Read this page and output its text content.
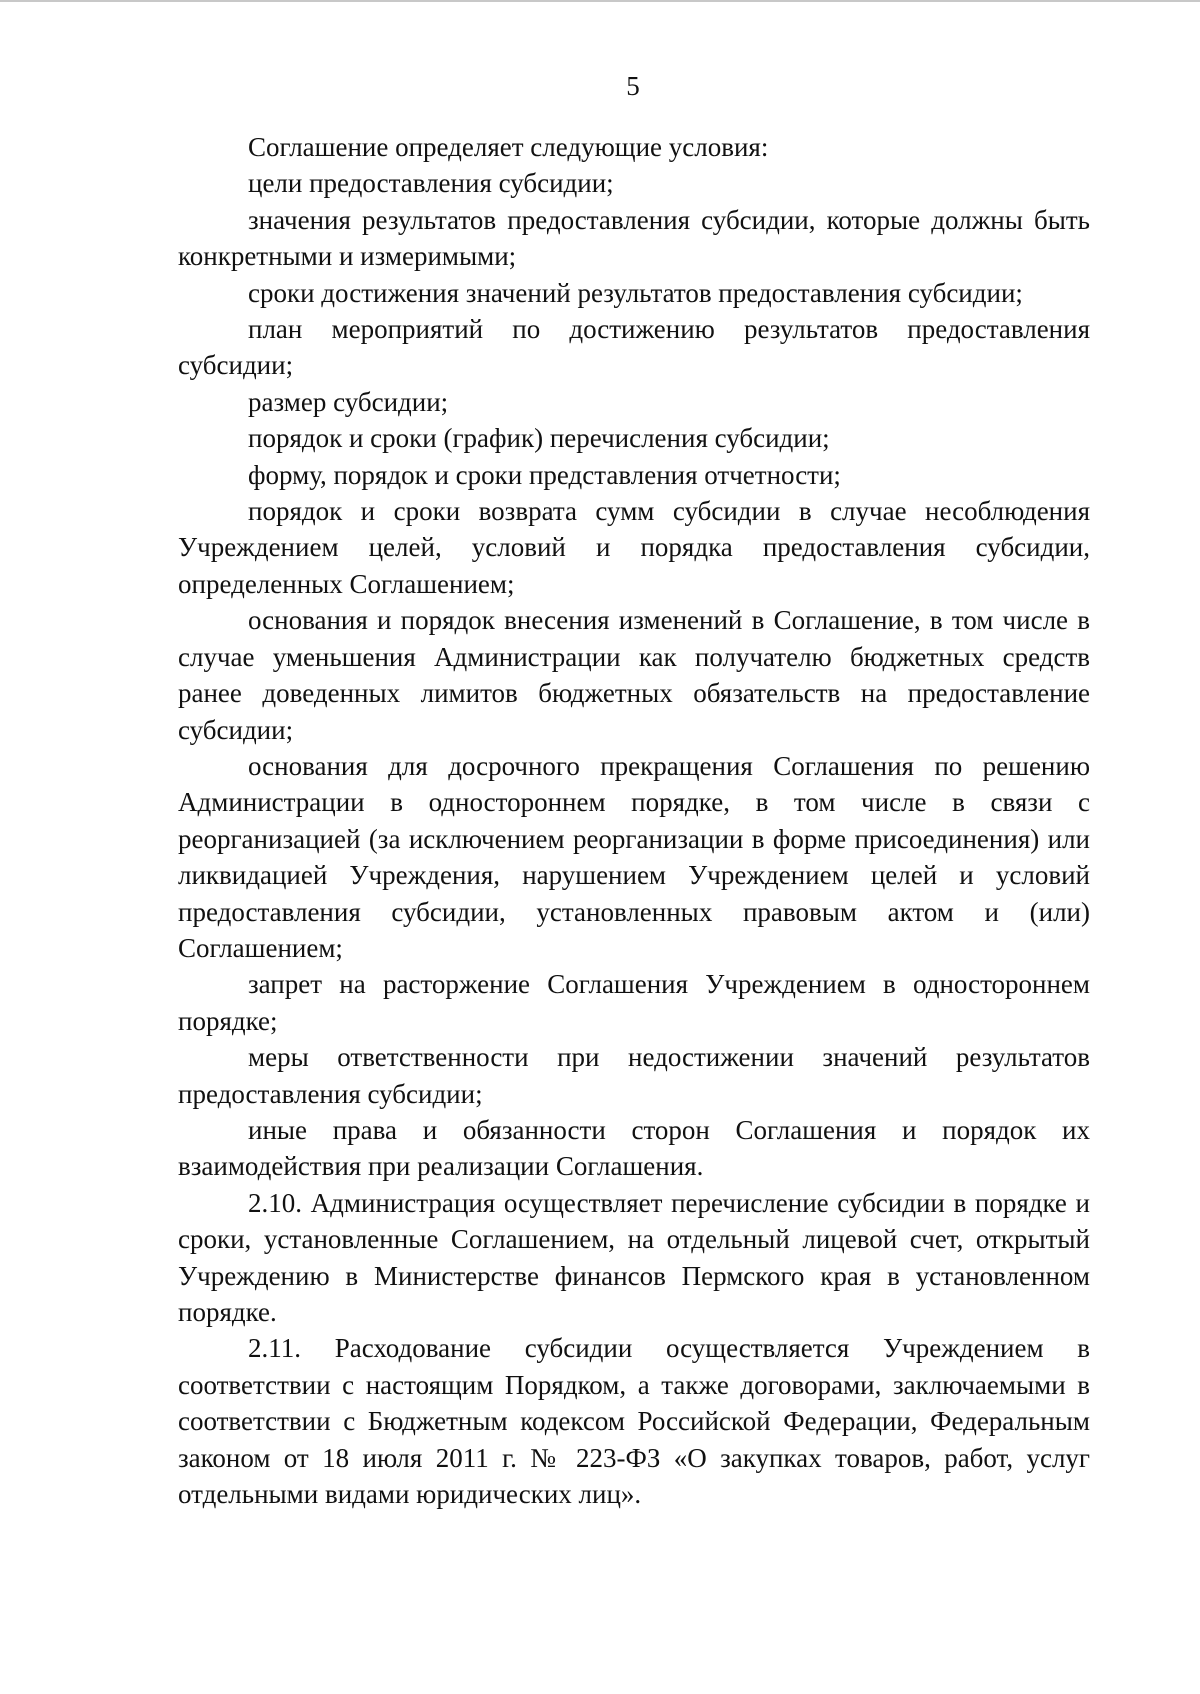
5

Соглашение определяет следующие условия:

цели предоставления субсидии;

значения результатов предоставления субсидии, которые должны быть конкретными и измеримыми;

сроки достижения значений результатов предоставления субсидии;

план мероприятий по достижению результатов предоставления субсидии;

размер субсидии;

порядок и сроки (график) перечисления субсидии;

форму, порядок и сроки представления отчетности;

порядок и сроки возврата сумм субсидии в случае несоблюдения Учреждением целей, условий и порядка предоставления субсидии, определенных Соглашением;

основания и порядок внесения изменений в Соглашение, в том числе в случае уменьшения Администрации как получателю бюджетных средств ранее доведенных лимитов бюджетных обязательств на предоставление субсидии;

основания для досрочного прекращения Соглашения по решению Администрации в одностороннем порядке, в том числе в связи с реорганизацией (за исключением реорганизации в форме присоединения) или ликвидацией Учреждения, нарушением Учреждением целей и условий предоставления субсидии, установленных правовым актом и (или) Соглашением;

запрет на расторжение Соглашения Учреждением в одностороннем порядке;

меры ответственности при недостижении значений результатов предоставления субсидии;

иные права и обязанности сторон Соглашения и порядок их взаимодействия при реализации Соглашения.

2.10. Администрация осуществляет перечисление субсидии в порядке и сроки, установленные Соглашением, на отдельный лицевой счет, открытый Учреждению в Министерстве финансов Пермского края в установленном порядке.

2.11. Расходование субсидии осуществляется Учреждением в соответствии с настоящим Порядком, а также договорами, заключаемыми в соответствии с Бюджетным кодексом Российской Федерации, Федеральным законом от 18 июля 2011 г. № 223-ФЗ «О закупках товаров, работ, услуг отдельными видами юридических лиц».
